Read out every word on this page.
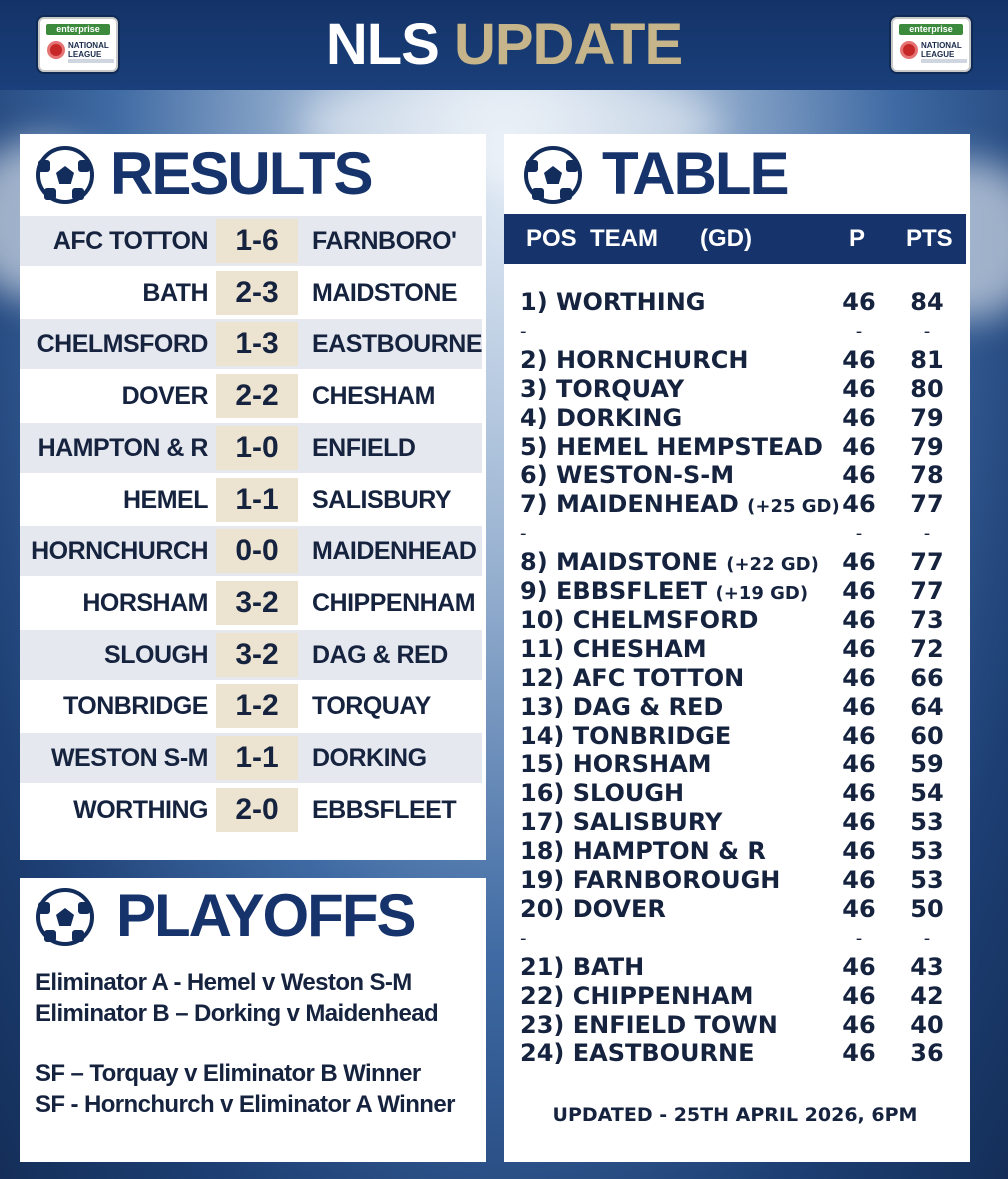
enterprise
NATIONAL
LEAGUE	NLS UPDATE	enterprise
NATIONAL
LEAGUE
RESULTS
AFC TOTTON 1-6	FARNBORO'
BATH 2-3	MAIDSTONE
CHELMSFORD 1-3	EASTBOURNE
DOVER 2-2	CHESHAM
HAMPTON & R 1-0	ENFIELD
HEMEL 1-1	SALISBURY
HORNCHURCH 0-0	MAIDENHEAD
HORSHAM 3-2	CHIPPENHAM
SLOUGH 3-2	DAG & RED
TONBRIDGE 1-2	TORQUAY
WESTON S-M 1-1	DORKING
WORTHING 2-0	EBBSFLEET
PLAYOFFS
Eliminator A - Hemel v Weston S-M
Eliminator B – Dorking v Maidenhead
SF – Torquay v Eliminator B Winner
SF - Hornchurch v Eliminator A Winner
TABLE
POS TEAM (GD)	P PTS
1) WORTHING	46	84
-	-	-
2) HORNCHURCH	46	81
3) TORQUAY	46	80
4) DORKING	46	79
5) HEMEL HEMPSTEAD 46	79
6) WESTON-S-M	46	78
7) MAIDENHEAD (+25 GD) 46	77
-	-	-
8) MAIDSTONE (+22 GD) 46	77
9) EBBSFLEET (+19 GD)	46	77
10) CHELMSFORD	46	73
11) CHESHAM	46	72
12) AFC TOTTON	46	66
13) DAG & RED	46	64
14) TONBRIDGE	46	60
15) HORSHAM	46	59
16) SLOUGH	46	54
17) SALISBURY	46	53
18) HAMPTON & R	46	53
19) FARNBOROUGH	46	53
20) DOVER	46	50
-	-	-
21) BATH	46	43
22) CHIPPENHAM	46	42
23) ENFIELD TOWN	46	40
24) EASTBOURNE	46	36
UPDATED - 25TH APRIL 2026, 6PM
